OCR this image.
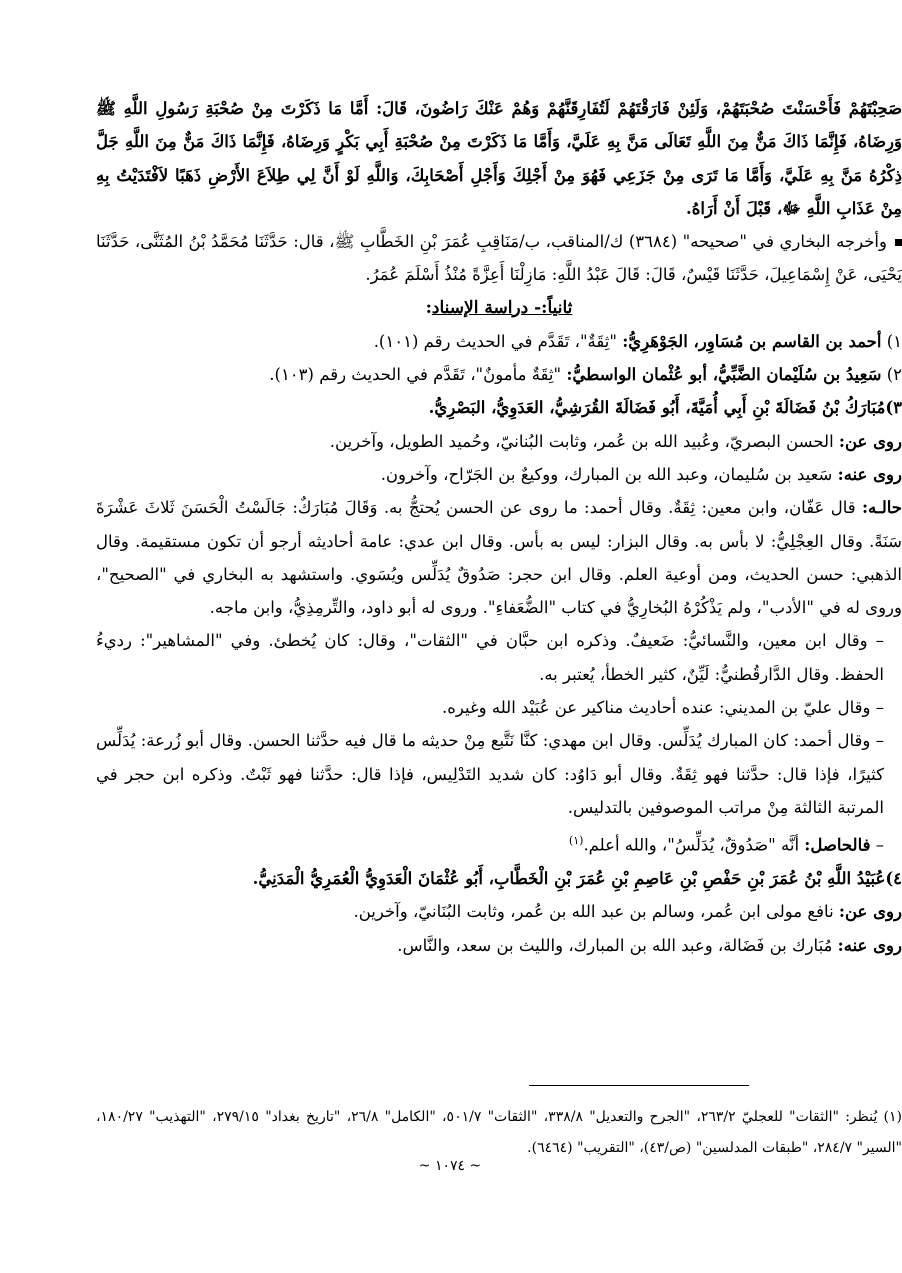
صَحِبْتَهُمْ فَأَحْسَنْتَ صُحْبَتَهُمْ، وَلَئِنْ فَارَقْتَهُمْ لَتُفَارِقَنَّهُمْ وَهُمْ عَنْكَ رَاضُونَ، قَالَ: أَمَّا مَا ذَكَرْتَ مِنْ صُحْبَةِ رَسُولِ اللَّهِ ﷺ وَرِضَاهُ، فَإِنَّمَا ذَاكَ مَنٌّ مِنَ اللَّهِ تَعَالَى مَنَّ بِهِ عَلَيَّ، وَأَمَّا مَا ذَكَرْتَ مِنْ صُحْبَةِ أَبِي بَكْرٍ وَرِضَاهُ، فَإِنَّمَا ذَاكَ مَنٌّ مِنَ اللَّهِ جَلَّ ذِكْرُهُ مَنَّ بِهِ عَلَيَّ، وَأَمَّا مَا تَرَى مِنْ جَزَعِي فَهُوَ مِنْ أَجْلِكَ وَأَجْلِ أَصْحَابِكَ، وَاللَّهِ لَوْ أَنَّ لِي طِلاَعَ الأَرْضِ ذَهَبًا لاَفْتَدَيْتُ بِهِ مِنْ عَذَابِ اللَّهِ ﷻ، قَبْلَ أَنْ أَرَاهُ.
وأخرجه البخاري في "صحيحه" (٣٦٨٤) ك/المناقب، ب/مَنَاقِبِ عُمَرَ بْنِ الخَطَّابِ ﷺ، قال: حَدَّثَنَا مُحَمَّدُ بْنُ المُثَنَّى، حَدَّثَنَا يَحْيَى، عَنْ إِسْمَاعِيلَ، حَدَّثَنَا قَيْسٌ، قَالَ: قَالَ عَبْدُ اللَّهِ: مَازِلْنَا أَعِزَّةً مُنْذُ أَسْلَمَ عُمَرُ.
ثانياً:- دراسة الإسناد:
١) أحمد بن القاسم بن مُسَاوِر، الجَوْهَرِيُّ: "ثِقَةٌ"، تَقَدَّم في الحديث رقم (١٠١).
٢) سَعِيدُ بن سُلَيْمان الضَّبِّيُّ، أبو عُثْمان الواسطيُّ: "ثِقَةٌ مأمونٌ"، تَقَدَّم في الحديث رقم (١٠٣).
٣)مُبَارَكُ بْنُ فَضَالَةَ بْنِ أَبِي أُمَيَّةَ، أَبُو فَضَالَةَ القُرَشِيُّ، العَدَوِيُّ، البَصْرِيُّ.
روى عن: الحسن البصريّ، وعُبيد الله بن عُمر، وثابت البُنانيّ، وحُميد الطويل، وآخرين.
روى عنه: سَعيد بن سُليمان، وعبد الله بن المبارك، ووكيعٌ بن الجَرّاح، وآخرون.
حالـه: قال عَفّان، وابن معين: ثِقَةٌ. وقال أحمد: ما روى عن الحسن يُحتجُّ به. وَقَالَ مُبَارَكٌ: جَالَسْتُ الْحَسَنَ ثَلاثَ عَشْرَةَ سَنَةً. وقال العِجْلِيُّ: لا بأس به. وقال البزار: ليس به بأس. وقال ابن عدي: عامة أحاديثه أرجو أن تكون مستقيمة. وقال الذهبي: حسن الحديث، ومن أوعية العلم. وقال ابن حجر: صَدُوقٌ يُدَلِّس ويُسَوي. واستشهد به البخاري في "الصحيح"، وروى له في "الأدب"، ولم يَذْكُرْهُ البُخارِيُّ في كتاب "الضُّعَفاءِ". وروى له أبو داود، والتِّرمِذِيُّ، وابن ماجه.
– وقال ابن معين، والنَّسائيُّ: ضَعيفٌ. وذكره ابن حبَّان في "الثقات"، وقال: كان يُخطئ. وفي "المشاهير": رديءُ الحفظ. وقال الدَّارقُطنيُّ: لَيِّنٌ، كثير الخطأ، يُعتبر به.
– وقال عليّ بن المديني: عنده أحاديث مناكير عن عُبَيْد الله وغيره.
– وقال أحمد: كان المبارك يُدَلِّس. وقال ابن مهدي: كنَّا نَتَّبع مِنْ حديثه ما قال فيه حدَّثنا الحسن. وقال أبو زُرعة: يُدَلِّس كثيرًا، فإذا قال: حدَّثنا فهو ثِقَةٌ. وقال أبو دَاوُد: كان شديد التَدْلِيس، فإذا قال: حدَّثنا فهو ثَبْتٌ. وذكره ابن حجر في المرتبة الثالثة مِنْ مراتب الموصوفين بالتدليس.
– فالحاصل: أنَّه "صَدُوقٌ، يُدَلِّسُ"، والله أعلم.$^{(١)}$
٤)عُبَيْدُ اللَّهِ بْنُ عُمَرَ بْنِ حَفْصِ بْنِ عَاصِمِ بْنِ عُمَرَ بْنِ الْخَطَّابِ، أَبُو عُثْمَانَ الْعَدَوِيُّ الْعُمَرِيُّ الْمَدَنِيُّ.
روى عن: نافع مولى ابن عُمر، وسالم بن عبد الله بن عُمر، وثابت البُنَانيّ، وآخرين.
روى عنه: مُبَارك بن فَضَالة، وعبد الله بن المبارك، والليث بن سعد، والنَّاس.
(١) يُنظر: "الثقات" للعجليّ ٢٦٣/٢، "الجرح والتعديل" ٣٣٨/٨، "الثقات" ٥٠١/٧، "الكامل" ٢٦/٨، "تاريخ بغداد" ٢٧٩/١٥، "التهذيب" ١٨٠/٢٧، "السير" ٢٨٤/٧، "طبقات المدلسين" (ص/٤٣)، "التقريب" (٦٤٦٤).
~ ١٠٧٤ ~
